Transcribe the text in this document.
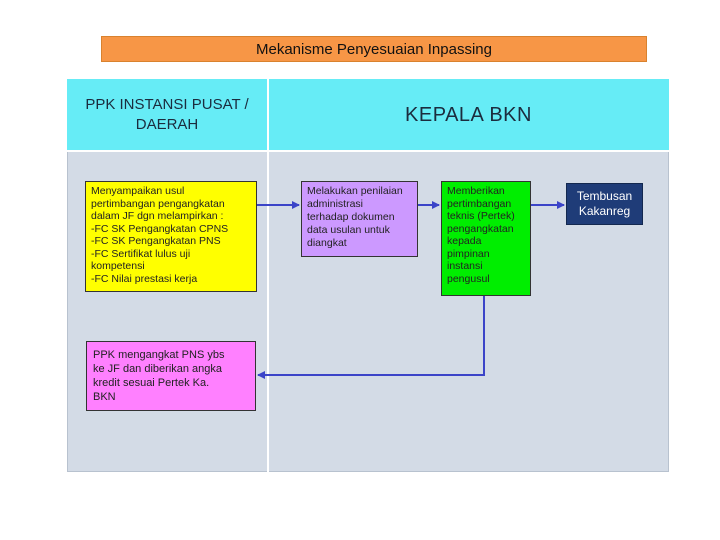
Mekanisme Penyesuaian Inpassing
PPK INSTANSI PUSAT / DAERAH	KEPALA BKN
Menyampaikan usul
pertimbangan pengangkatan
dalam JF dgn melampirkan :
-FC SK Pengangkatan CPNS
-FC SK Pengangkatan PNS
-FC Sertifikat lulus uji
kompetensi
-FC Nilai prestasi kerja
PPK mengangkat PNS ybs
ke JF dan diberikan angka
kredit sesuai Pertek Ka.
BKN
Melakukan penilaian
administrasi
terhadap dokumen
data usulan untuk
diangkat
Memberikan
pertimbangan
teknis (Pertek)
pengangkatan
kepada
pimpinan
instansi
pengusul
Tembusan
Kakanreg
